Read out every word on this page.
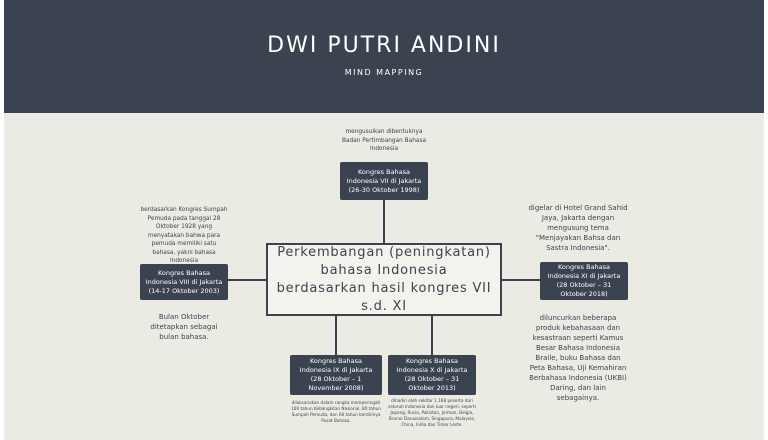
DWI PUTRI ANDINI
MIND MAPPING
mengusulkan dibentuknya Badan Pertimbangan Bahasa Indonesia
Kongres Bahasa Indonesia VII di Jakarta (26-30 Oktober 1998)
berdasarkan Kongres Sumpah Pemuda pada tanggal 28 Oktober 1928 yang menyatakan bahwa para pemuda memiliki satu bahasa, yakni bahasa Indonesia
Kongres Bahasa Indonesia VIII di Jakarta (14-17 Oktober 2003)
Bulan Oktober ditetapkan sebagai bulan bahasa.
digelar di Hotel Grand Sahid Jaya, Jakarta dengan mengusung tema "Menjayakan Bahsa dan Sastra Indonesia".
Kongres Bahasa Indonesia XI di Jakarta (28 Oktober – 31 Oktober 2018)
diluncurkan beberapa produk kebahasaan dan kesastraan seperti Kamus Besar Bahasa Indonesia Braile, buku Bahasa dan Peta Bahasa, Uji Kemahiran Berbahasa Indonesia (UKBI) Daring, dan lain sebagainya.
Kongres Bahasa Indonesia IX di Jakarta (28 Oktober – 1 November 2008)
dilaksanakan dalam rangka memperingati 100 tahun Kebangkitan Nasional, 80 tahun Sumpah Pemuda, dan 60 tahun berdirinya Pusat Bahasa.
Kongres Bahasa Indonesia X di Jakarta (28 Oktober – 31 Oktober 2013)
dihadiri oleh sekitar 1.168 peserta dari seluruh Indonesia dan luar negeri, seperti Jepang, Rusia, Pakistan, Jerman, Belgia, Brunei Darussalam, Singapura, Malaysia, China, India dan Timor Leste.
Perkembangan (peningkatan) bahasa Indonesia berdasarkan hasil kongres VII s.d. XI
